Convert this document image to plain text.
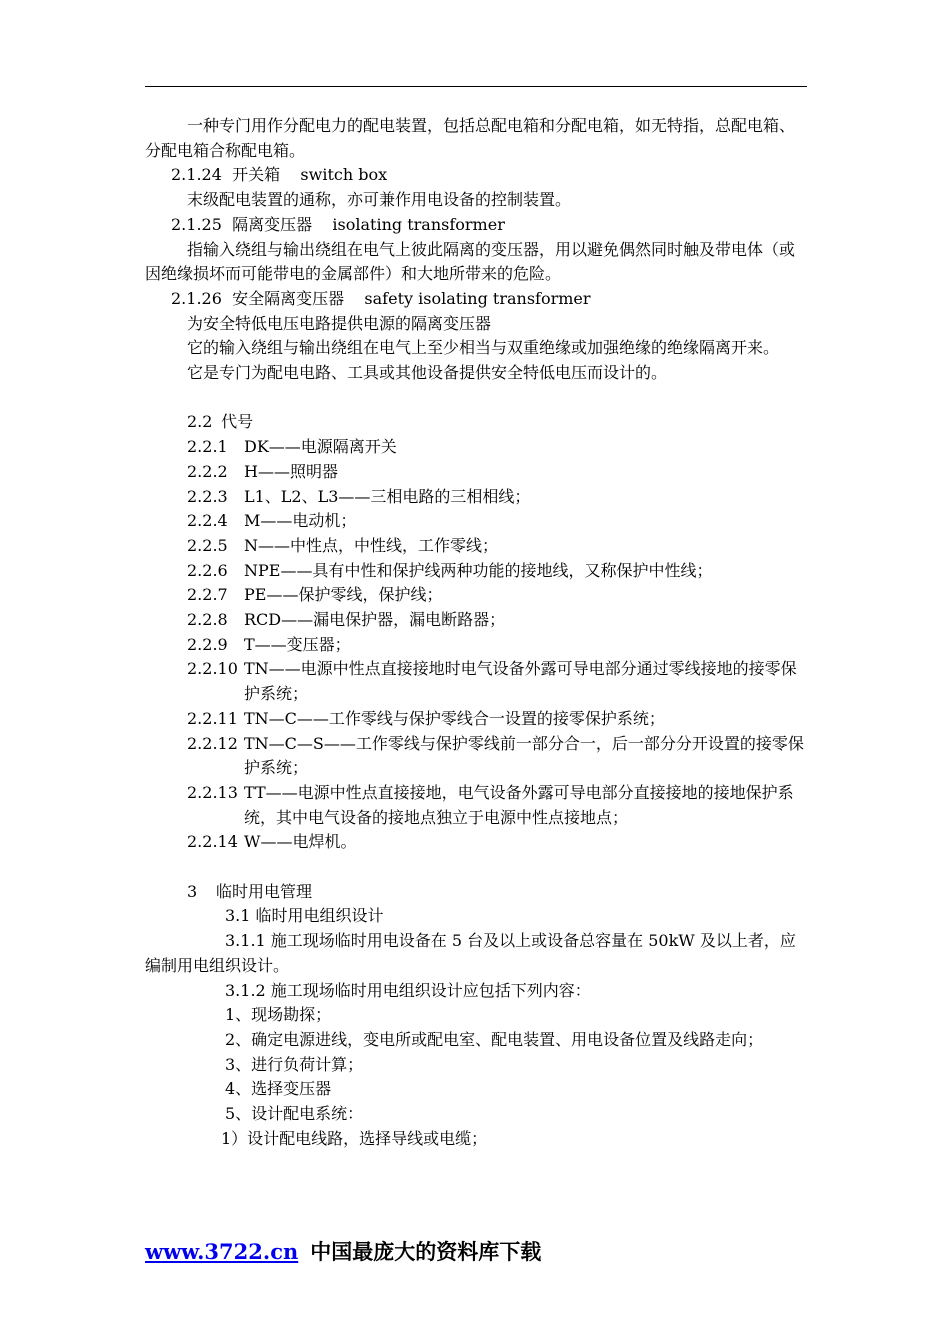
一种专门用作分配电力的配电装置，包括总配电箱和分配电箱，如无特指，总配电箱、分配电箱合称配电箱。

2.1.24 开关箱 switch box

末级配电装置的通称，亦可兼作用电设备的控制装置。

2.1.25 隔离变压器 isolating transformer

指输入绕组与输出绕组在电气上彼此隔离的变压器，用以避免偶然同时触及带电体（或因绝缘损坏而可能带电的金属部件）和大地所带来的危险。

2.1.26 安全隔离变压器 safety isolating transformer

为安全特低电压电路提供电源的隔离变压器

它的输入绕组与输出绕组在电气上至少相当与双重绝缘或加强绝缘的绝缘隔离开来。

它是专门为配电电路、工具或其他设备提供安全特低电压而设计的。

2.2 代号

2.2.1	DK——电源隔离开关
2.2.2	H——照明器
2.2.3	L1、L2、L3——三相电路的三相相线；
2.2.4	M——电动机；
2.2.5	N——中性点，中性线，工作零线；
2.2.6	NPE——具有中性和保护线两种功能的接地线，又称保护中性线；
2.2.7	PE——保护零线，保护线；
2.2.8	RCD——漏电保护器，漏电断路器；
2.2.9	T——变压器；
2.2.10 TN——电源中性点直接接地时电气设备外露可导电部分通过零线接地的接零保护系统；
2.2.11 TN—C——工作零线与保护零线合一设置的接零保护系统；
2.2.12 TN—C—S——工作零线与保护零线前一部分合一，后一部分分开设置的接零保护系统；
2.2.13 TT——电源中性点直接接地，电气设备外露可导电部分直接接地的接地保护系统，其中电气设备的接地点独立于电源中性点接地点；
2.2.14 W——电焊机。

3 临时用电管理

3.1 临时用电组织设计

3.1.1 施工现场临时用电设备在 5 台及以上或设备总容量在 50kW 及以上者，应编制用电组织设计。

3.1.2 施工现场临时用电组织设计应包括下列内容：

1、现场勘探；

2、确定电源进线，变电所或配电室、配电装置、用电设备位置及线路走向；

3、进行负荷计算；

4、选择变压器

5、设计配电系统：

1）设计配电线路，选择导线或电缆；

www.3722.cn 中国最庞大的资料库下载
